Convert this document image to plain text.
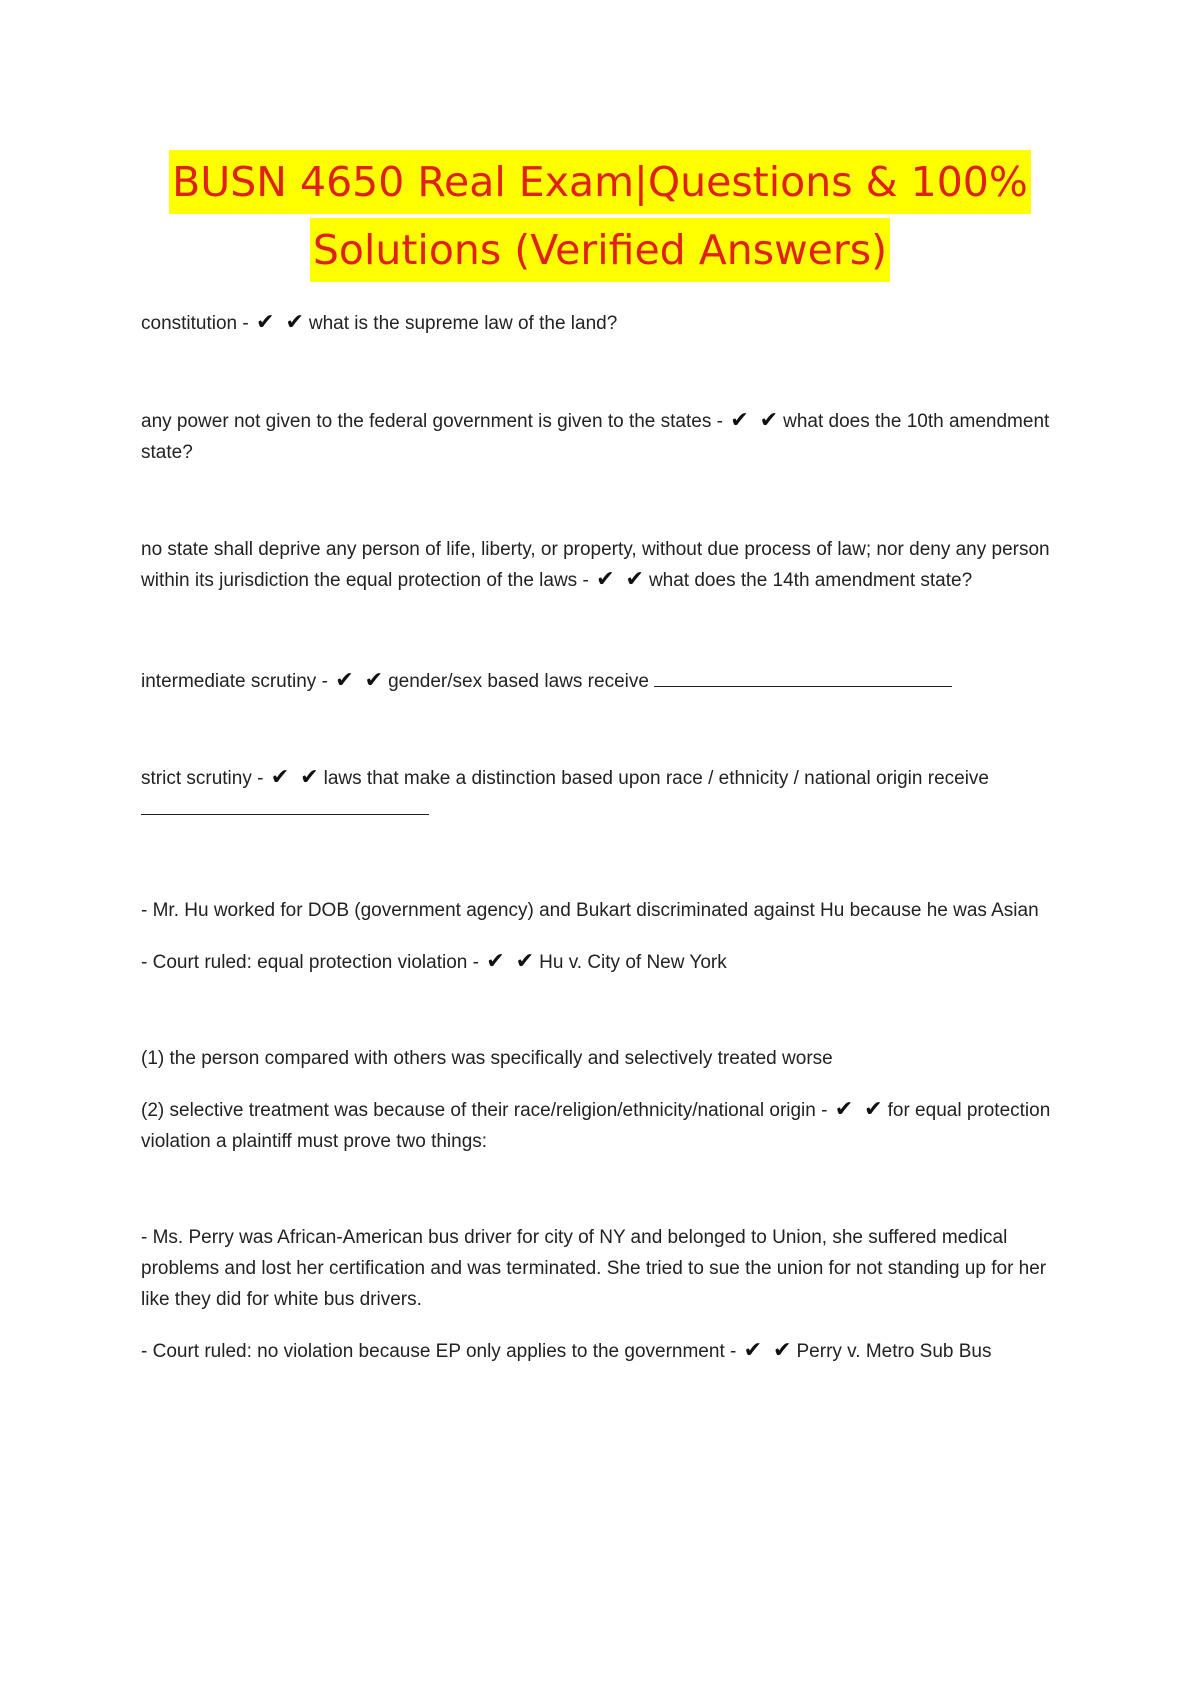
BUSN 4650 Real Exam|Questions & 100%
Solutions (Verified Answers)

constitution - ✔ ✔ what is the supreme law of the land?

any power not given to the federal government is given to the states - ✔ ✔ what does the 10th amendment state?

no state shall deprive any person of life, liberty, or property, without due process of law; nor deny any person within its jurisdiction the equal protection of the laws - ✔ ✔ what does the 14th amendment state?

intermediate scrutiny - ✔ ✔ gender/sex based laws receive

strict scrutiny - ✔ ✔ laws that make a distinction based upon race / ethnicity / national origin receive

- Mr. Hu worked for DOB (government agency) and Bukart discriminated against Hu because he was Asian

- Court ruled: equal protection violation - ✔ ✔ Hu v. City of New York

(1) the person compared with others was specifically and selectively treated worse

(2) selective treatment was because of their race/religion/ethnicity/national origin - ✔ ✔ for equal protection violation a plaintiff must prove two things:

- Ms. Perry was African-American bus driver for city of NY and belonged to Union, she suffered medical problems and lost her certification and was terminated. She tried to sue the union for not standing up for her like they did for white bus drivers.

- Court ruled: no violation because EP only applies to the government - ✔ ✔ Perry v. Metro Sub Bus
